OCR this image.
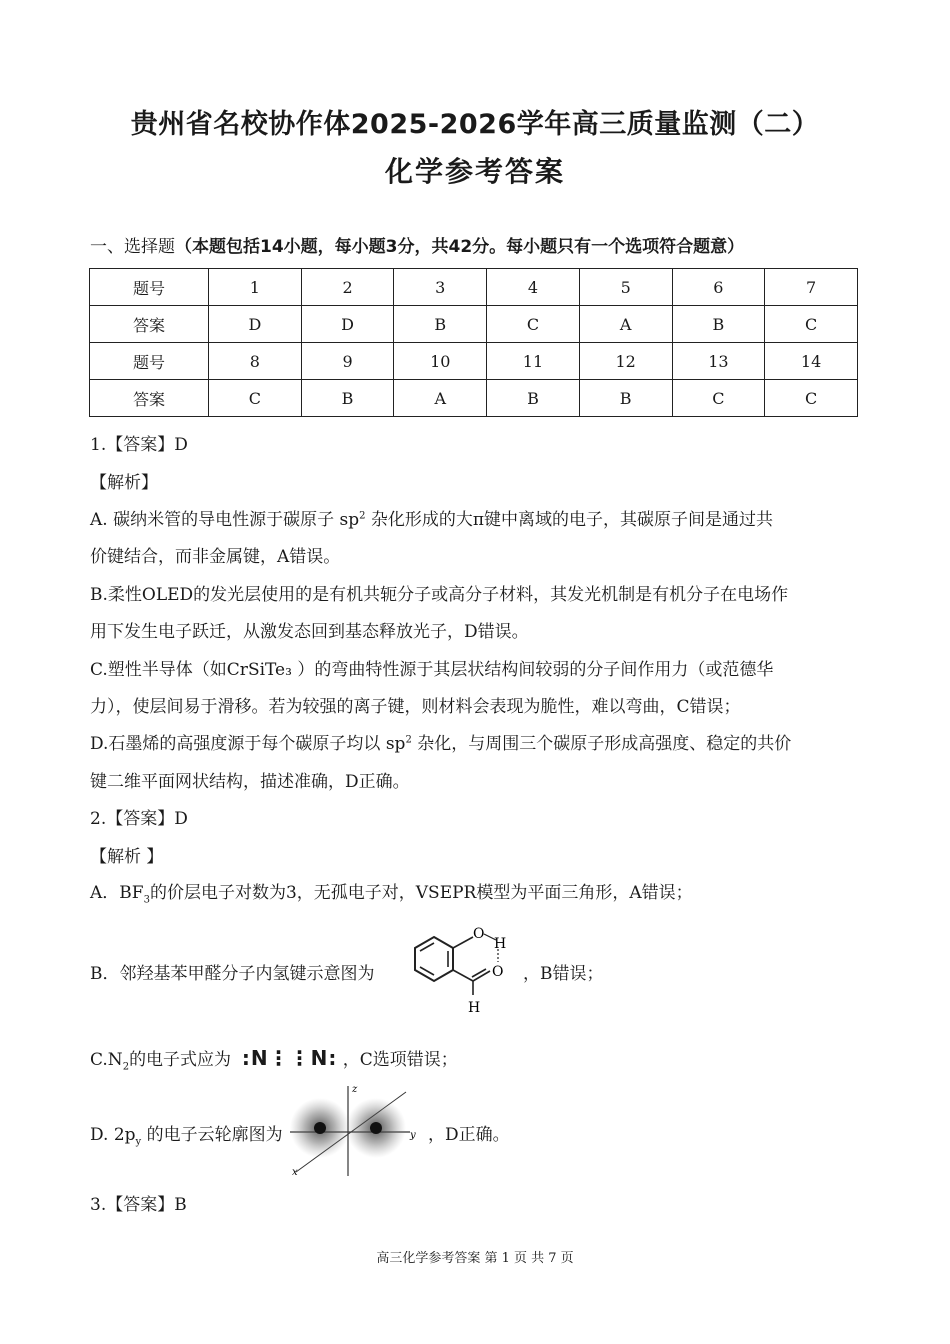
贵州省名校协作体2025-2026学年高三质量监测（二）
化学参考答案
一、选择题（本题包括14小题，每小题3分，共42分。每小题只有一个选项符合题意）
题号	1	2	3	4	5	6	7
答案	D	D	B	C	A	B	C
题号	8	9	10	11	12	13	14
答案	C	B	A	B	B	C	C
1.【答案】D
【解析】
A. 碳纳米管的导电性源于碳原子 $sp^2$ 杂化形成的大π键中离域的电子，其碳原子间是通过共
价键结合，而非金属键，A错误。
B.柔性OLED的发光层使用的是有机共轭分子或高分子材料，其发光机制是有机分子在电场作
用下发生电子跃迁，从激发态回到基态释放光子，D错误。
C.塑性半导体（如CrSiTe₃ ）的弯曲特性源于其层状结构间较弱的分子间作用力（或范德华
力），使层间易于滑移。若为较强的离子键，则材料会表现为脆性，难以弯曲，C错误；
D.石墨烯的高强度源于每个碳原子均以 $sp^2$ 杂化，与周围三个碳原子形成高强度、稳定的共价
键二维平面网状结构，描述准确，D正确。
2.【答案】D
【解析 】
A．$BF_3$的价层电子对数为3，无孤电子对，VSEPR模型为平面三角形，A错误；
B．邻羟基苯甲醛分子内氢键示意图为
O
H
O
H
，B错误；
$C.N_2$的电子式应为 :N⋮⋮N: ，C选项错误；
D. $2p_y$ 的电子云轮廓图为
z
y
x
，D正确。
3.【答案】B
高三化学参考答案 第 1 页 共 7 页
